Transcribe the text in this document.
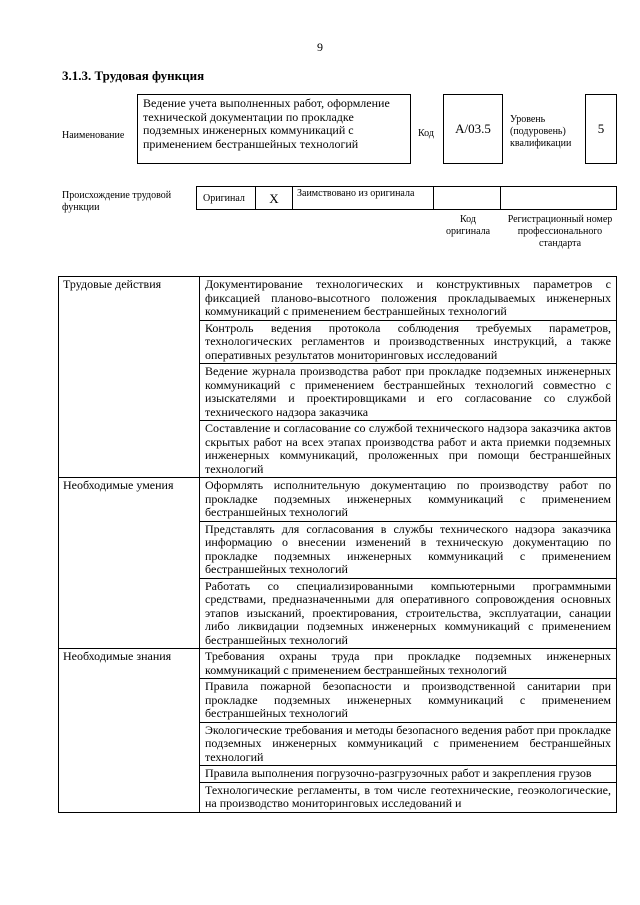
9
3.1.3. Трудовая функция
Наименование
Ведение учета выполненных работ, оформление технической документации по прокладке подземных инженерных коммуникаций с применением бестраншейных технологий
Код	А/03.5
Уровень (подуровень) квалификации
5
Происхождение трудовой функции
Оригинал	X	Заимствовано из оригинала
Код оригинала
Регистрационный номер профессионального стандарта
Трудовые действия	Документирование технологических и конструктивных параметров с фиксацией планово-высотного положения прокладываемых инженерных коммуникаций с применением бестраншейных технологий
	Контроль ведения протокола соблюдения требуемых параметров, технологических регламентов и производственных инструкций, а также оперативных результатов мониторинговых исследований
	Ведение журнала производства работ при прокладке подземных инженерных коммуникаций с применением бестраншейных технологий совместно с изыскателями и проектировщиками и его согласование со службой технического надзора заказчика
	Составление и согласование со службой технического надзора заказчика актов скрытых работ на всех этапах производства работ и акта приемки подземных инженерных коммуникаций, проложенных при помощи бестраншейных технологий
Необходимые умения	Оформлять исполнительную документацию по производству работ по прокладке подземных инженерных коммуникаций с применением бестраншейных технологий
	Представлять для согласования в службы технического надзора заказчика информацию о внесении изменений в техническую документацию по прокладке подземных инженерных коммуникаций с применением бестраншейных технологий
	Работать со специализированными компьютерными программными средствами, предназначенными для оперативного сопровождения основных этапов изысканий, проектирования, строительства, эксплуатации, санации либо ликвидации подземных инженерных коммуникаций с применением бестраншейных технологий
Необходимые знания	Требования охраны труда при прокладке подземных инженерных коммуникаций с применением бестраншейных технологий
	Правила пожарной безопасности и производственной санитарии при прокладке подземных инженерных коммуникаций с применением бестраншейных технологий
	Экологические требования и методы безопасного ведения работ при прокладке подземных инженерных коммуникаций с применением бестраншейных технологий
	Правила выполнения погрузочно-разгрузочных работ и закрепления грузов
	Технологические регламенты, в том числе геотехнические, геоэкологические, на производство мониторинговых исследований и
